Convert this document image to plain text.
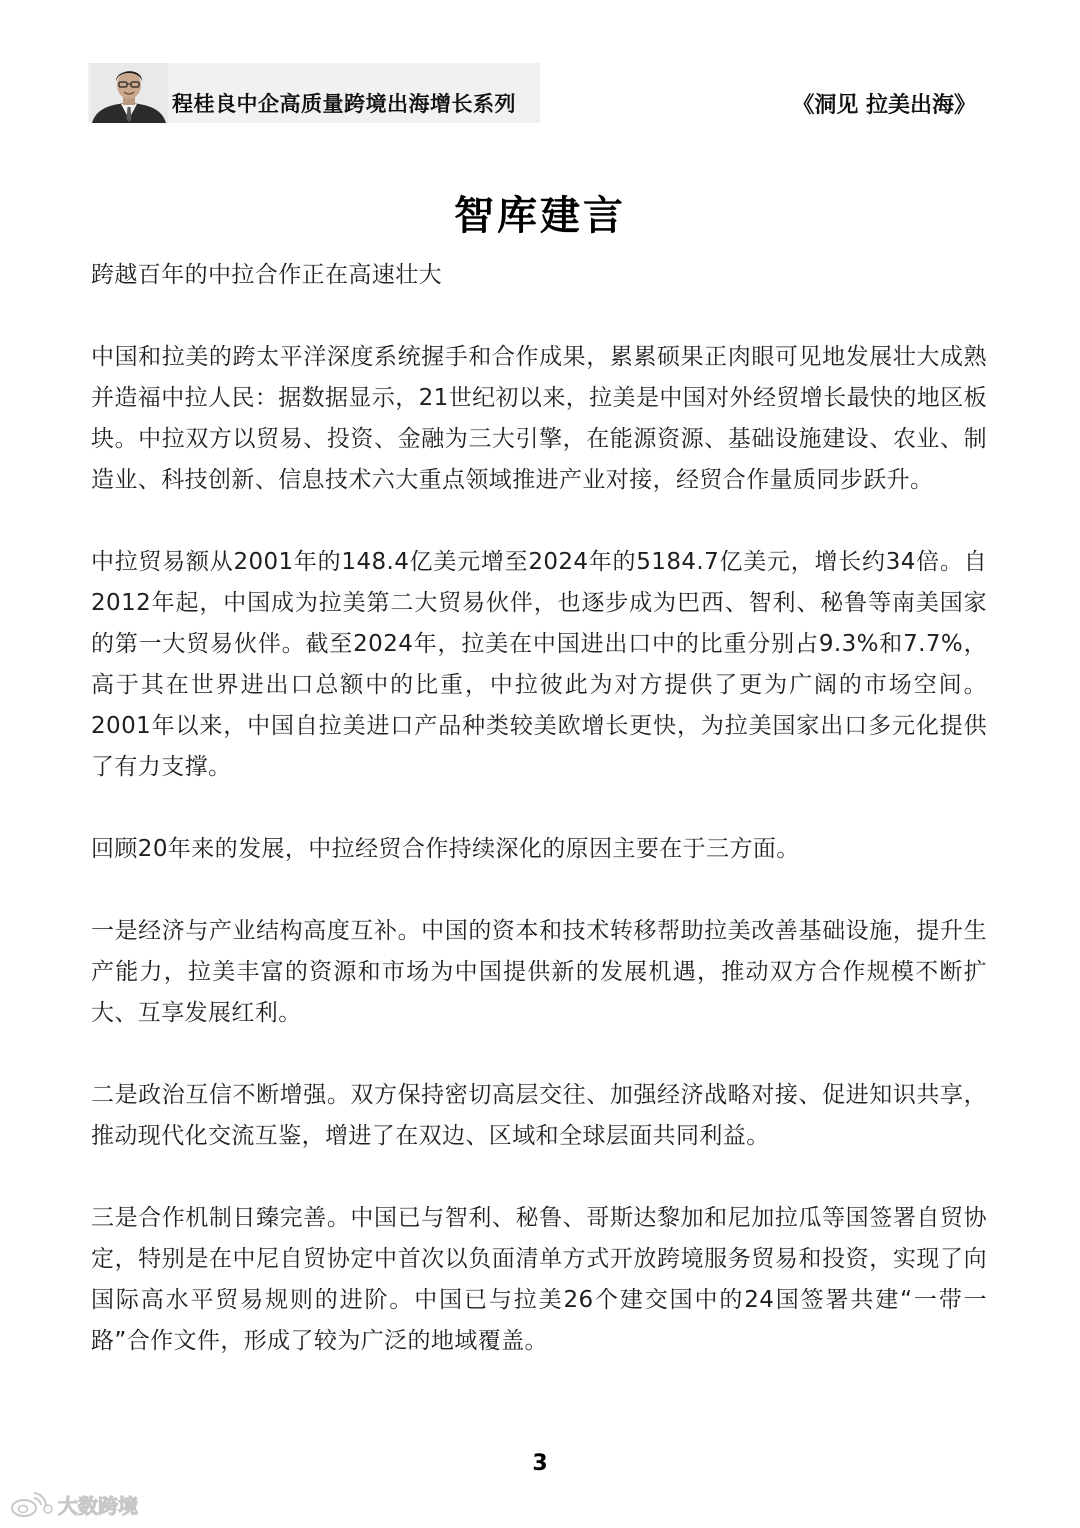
程桂良中企高质量跨境出海增长系列	《洞见 拉美出海》
智库建言

跨越百年的中拉合作正在高速壮大

中国和拉美的跨太平洋深度系统握手和合作成果，累累硕果正肉眼可见地发展壮大成熟并造福中拉人民：据数据显示，21世纪初以来，拉美是中国对外经贸增长最快的地区板块。中拉双方以贸易、投资、金融为三大引擎，在能源资源、基础设施建设、农业、制造业、科技创新、信息技术六大重点领域推进产业对接，经贸合作量质同步跃升。

中拉贸易额从2001年的148.4亿美元增至2024年的5184.7亿美元，增长约34倍。自2012年起，中国成为拉美第二大贸易伙伴，也逐步成为巴西、智利、秘鲁等南美国家的第一大贸易伙伴。截至2024年，拉美在中国进出口中的比重分别占9.3%和7.7%，高于其在世界进出口总额中的比重，中拉彼此为对方提供了更为广阔的市场空间。2001年以来，中国自拉美进口产品种类较美欧增长更快，为拉美国家出口多元化提供了有力支撑。

回顾20年来的发展，中拉经贸合作持续深化的原因主要在于三方面。

一是经济与产业结构高度互补。中国的资本和技术转移帮助拉美改善基础设施，提升生产能力，拉美丰富的资源和市场为中国提供新的发展机遇，推动双方合作规模不断扩大、互享发展红利。

二是政治互信不断增强。双方保持密切高层交往、加强经济战略对接、促进知识共享，推动现代化交流互鉴，增进了在双边、区域和全球层面共同利益。

三是合作机制日臻完善。中国已与智利、秘鲁、哥斯达黎加和尼加拉瓜等国签署自贸协定，特别是在中尼自贸协定中首次以负面清单方式开放跨境服务贸易和投资，实现了向国际高水平贸易规则的进阶。中国已与拉美26个建交国中的24国签署共建“一带一路”合作文件，形成了较为广泛的地域覆盖。

3
大数跨境
